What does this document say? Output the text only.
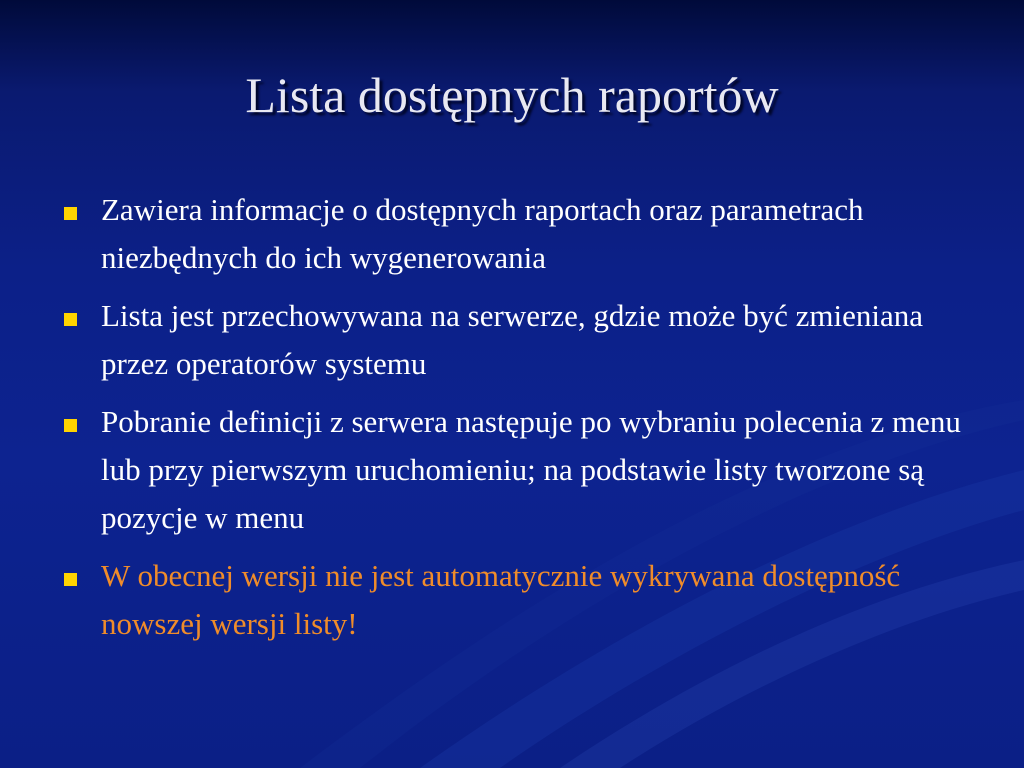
Lista dostępnych raportów
Zawiera informacje o dostępnych raportach oraz parametrach niezbędnych do ich wygenerowania
Lista jest przechowywana na serwerze, gdzie może być zmieniana przez operatorów systemu
Pobranie definicji z serwera następuje po wybraniu polecenia z menu lub przy pierwszym uruchomieniu; na podstawie listy tworzone są pozycje w menu
W obecnej wersji nie jest automatycznie wykrywana dostępność nowszej wersji listy!
